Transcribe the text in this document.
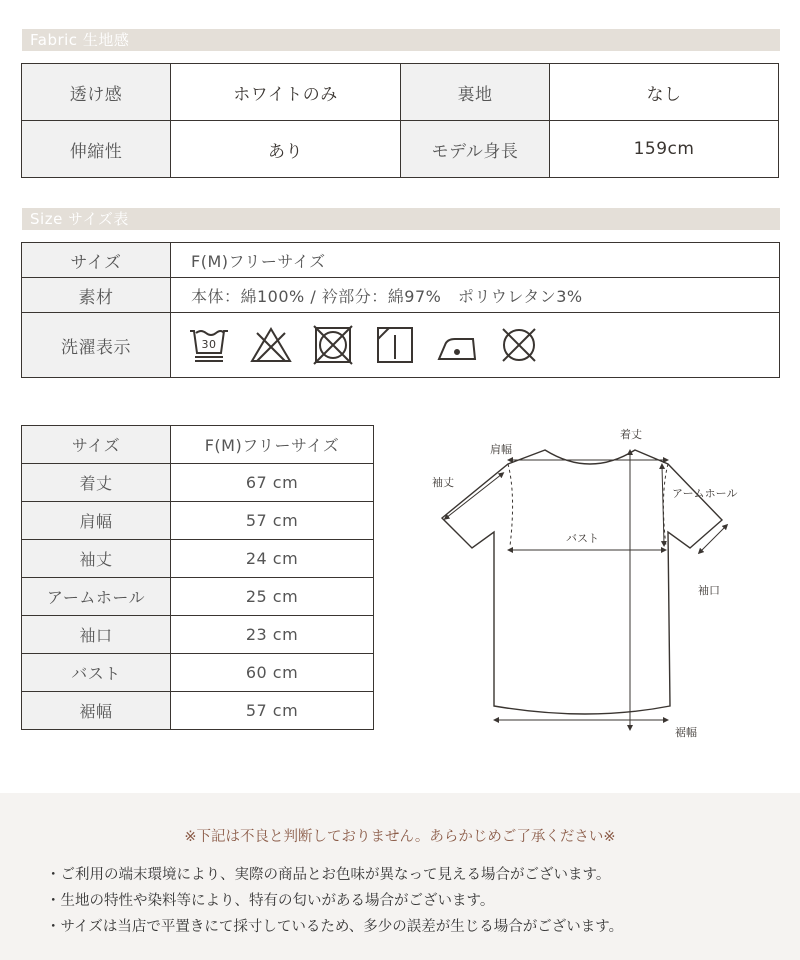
Fabric 生地感
透け感	ホワイトのみ	裏地	なし
伸縮性	あり	モデル身長	159cm
Size サイズ表
サイズ	F(M)フリーサイズ
素材	本体：綿100% / 衿部分：綿97%　ポリウレタン3%
洗濯表示	30
サイズ	F(M)フリーサイズ
着丈	67 cm
肩幅	57 cm
袖丈	24 cm
アームホール	25 cm
袖口	23 cm
バスト	60 cm
裾幅	57 cm
着丈
肩幅
袖丈
アームホール
バスト
袖口
裾幅
※下記は不良と判断しておりません。あらかじめご了承ください※
・ご利用の端末環境により、実際の商品とお色味が異なって見える場合がございます。
・生地の特性や染料等により、特有の匂いがある場合がございます。
・サイズは当店で平置きにて採寸しているため、多少の誤差が生じる場合がございます。
